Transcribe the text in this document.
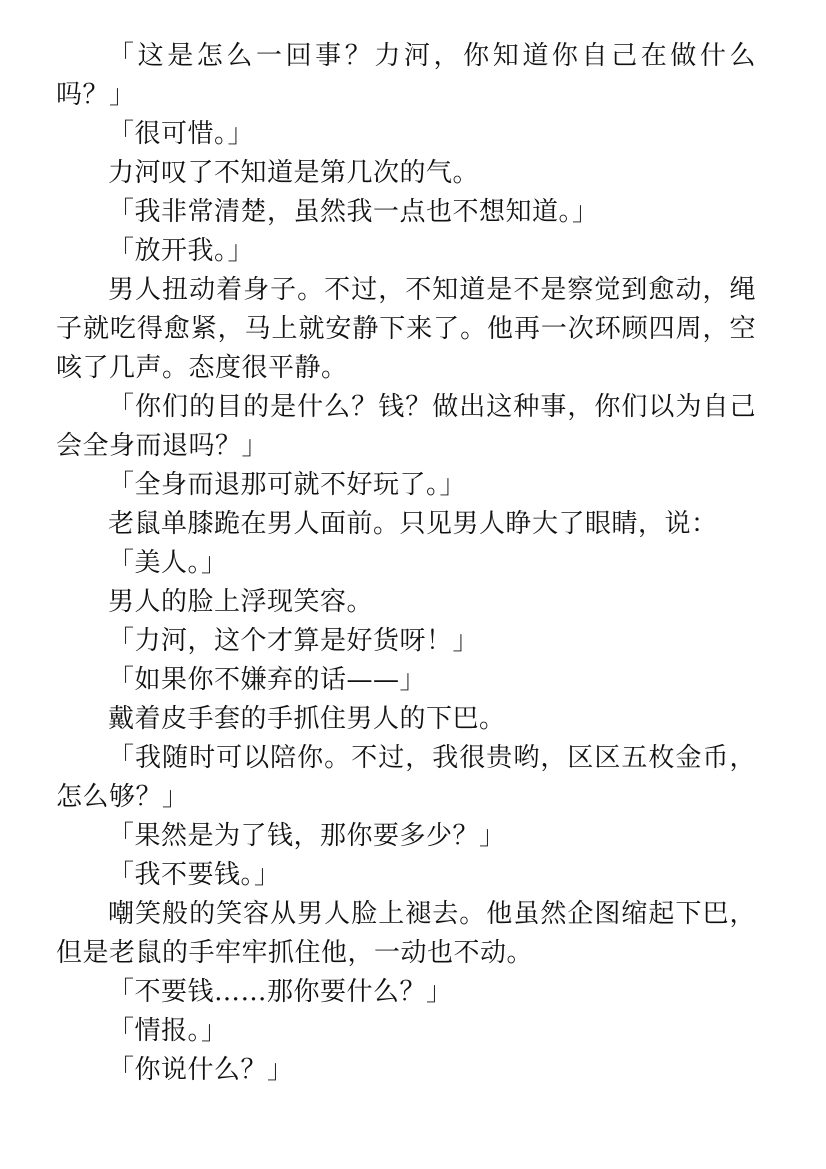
「这是怎么一回事？力河，你知道你自己在做什么吗？」

「很可惜。」

力河叹了不知道是第几次的气。

「我非常清楚，虽然我一点也不想知道。」

「放开我。」

男人扭动着身子。不过，不知道是不是察觉到愈动，绳子就吃得愈紧，马上就安静下来了。他再一次环顾四周，空咳了几声。态度很平静。

「你们的目的是什么？钱？做出这种事，你们以为自己会全身而退吗？」

「全身而退那可就不好玩了。」

老鼠单膝跪在男人面前。只见男人睁大了眼睛，说：

「美人。」

男人的脸上浮现笑容。

「力河，这个才算是好货呀！」

「如果你不嫌弃的话——」

戴着皮手套的手抓住男人的下巴。

「我随时可以陪你。不过，我很贵哟，区区五枚金币，怎么够？」

「果然是为了钱，那你要多少？」

「我不要钱。」

嘲笑般的笑容从男人脸上褪去。他虽然企图缩起下巴，但是老鼠的手牢牢抓住他，一动也不动。

「不要钱……那你要什么？」

「情报。」

「你说什么？」
